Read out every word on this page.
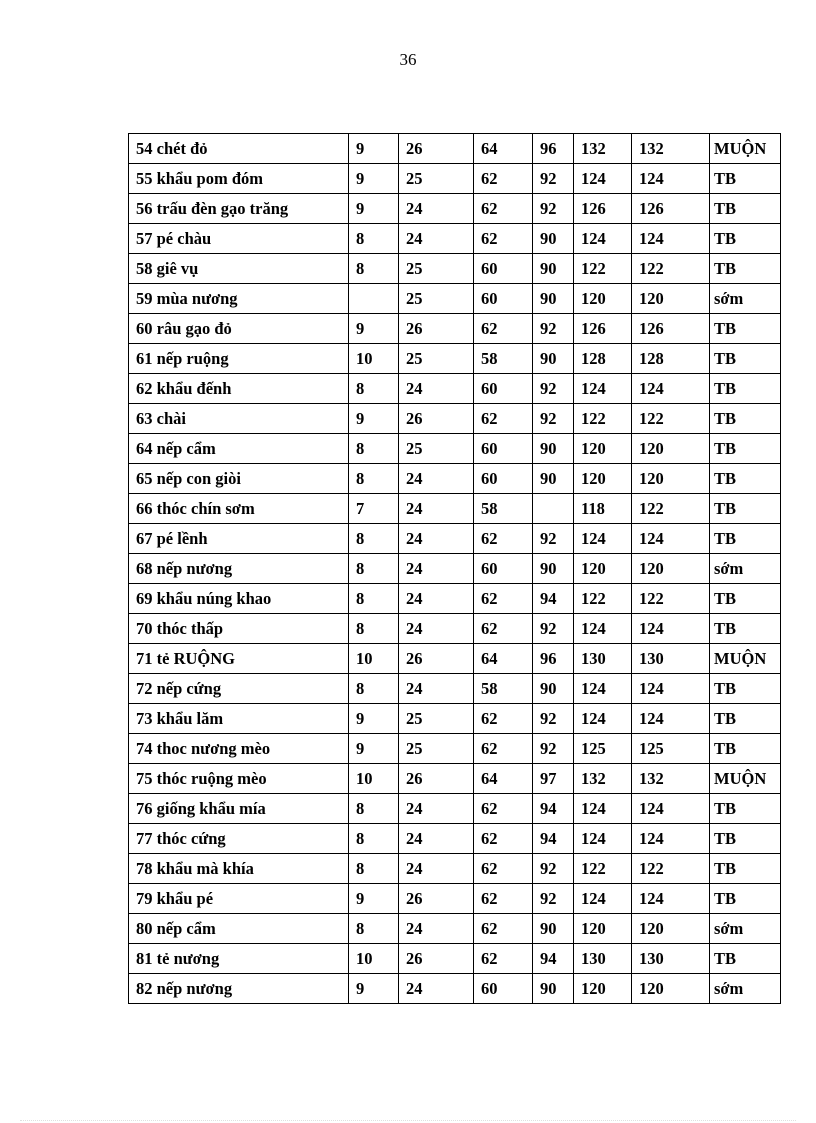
36
54 chét đỏ	9	26	64	96	132	132	MUỘN
55 khẩu pom đóm	9	25	62	92	124	124	TB
56 trấu đèn gạo trăng	9	24	62	92	126	126	TB
57 pé chàu	8	24	62	90	124	124	TB
58 giê vụ	8	25	60	90	122	122	TB
59 mùa nương		25	60	90	120	120	sớm
60 râu gạo đỏ	9	26	62	92	126	126	TB
61 nếp ruộng	10	25	58	90	128	128	TB
62 khẩu đếnh	8	24	60	92	124	124	TB
63 chài	9	26	62	92	122	122	TB
64 nếp cẩm	8	25	60	90	120	120	TB
65 nếp con giòi	8	24	60	90	120	120	TB
66 thóc chín sơm	7	24	58		118	122	TB
67 pé lềnh	8	24	62	92	124	124	TB
68 nếp nương	8	24	60	90	120	120	sớm
69 khẩu núng khao	8	24	62	94	122	122	TB
70 thóc thấp	8	24	62	92	124	124	TB
71 tẻ RUỘNG	10	26	64	96	130	130	MUỘN
72 nếp cứng	8	24	58	90	124	124	TB
73 khẩu lăm	9	25	62	92	124	124	TB
74 thoc nương mèo	9	25	62	92	125	125	TB
75 thóc ruộng mèo	10	26	64	97	132	132	MUỘN
76 giống khẩu mía	8	24	62	94	124	124	TB
77 thóc cứng	8	24	62	94	124	124	TB
78 khẩu mà khía	8	24	62	92	122	122	TB
79 khẩu pé	9	26	62	92	124	124	TB
80 nếp cẩm	8	24	62	90	120	120	sớm
81 tẻ nương	10	26	62	94	130	130	TB
82 nếp nương	9	24	60	90	120	120	sớm
